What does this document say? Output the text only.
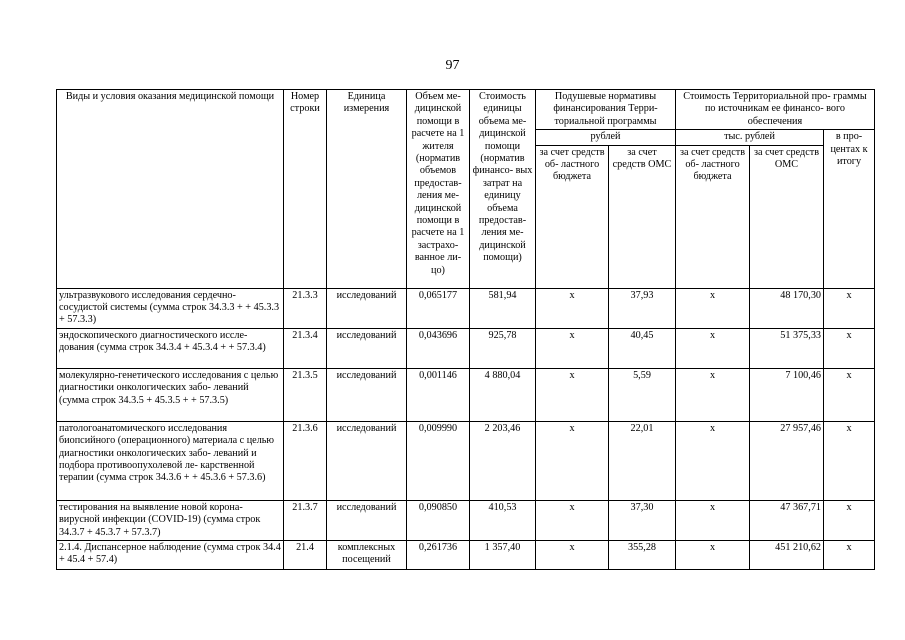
97
Виды и условия оказания медицинской помощи	Номер строки	Единица измерения	Объем ме- дицинской помощи в расчете на 1 жителя (норматив объемов предостав- ления ме- дицинской помощи в расчете на 1 застрахо- ванное ли- цо)	Стоимость единицы объема ме- дицинской помощи (норматив финансо- вых затрат на единицу объема предостав- ления ме- дицинской помощи)	Подушевые нормативы финансирования Терри- ториальной программы		Стоимость Территориальной про- граммы по источникам ее финансо- вого обеспечения		
					рублей		тыс. рублей		в про- центах к итогу
					за счет средств об- ластного бюджета	за счет средств ОМС	за счет средств об- ластного бюджета	за счет средств ОМС	
ультразвукового исследования сердечно- сосудистой системы (сумма строк 34.3.3 + + 45.3.3 + 57.3.3)	21.3.3	исследований	0,065177	581,94	х	37,93	х	48 170,30	х
эндоскопического диагностического иссле- дования (сумма строк 34.3.4 + 45.3.4 + + 57.3.4)	21.3.4	исследований	0,043696	925,78	х	40,45	х	51 375,33	х
молекулярно-генетического исследования с целью диагностики онкологических забо- леваний (сумма строк 34.3.5 + 45.3.5 + + 57.3.5)	21.3.5	исследований	0,001146	4 880,04	х	5,59	х	7 100,46	х
патологоанатомического исследования биопсийного (операционного) материала с целью диагностики онкологических забо- леваний и подбора противоопухолевой ле- карственной терапии (сумма строк 34.3.6 + + 45.3.6 + 57.3.6)	21.3.6	исследований	0,009990	2 203,46	х	22,01	х	27 957,46	х
тестирования на выявление новой корона- вирусной инфекции (COVID-19) (сумма строк 34.3.7 + 45.3.7 + 57.3.7)	21.3.7	исследований	0,090850	410,53	х	37,30	х	47 367,71	х
2.1.4. Диспансерное наблюдение (сумма строк 34.4 + 45.4 + 57.4)	21.4	комплексных посещений	0,261736	1 357,40	х	355,28	х	451 210,62	х
